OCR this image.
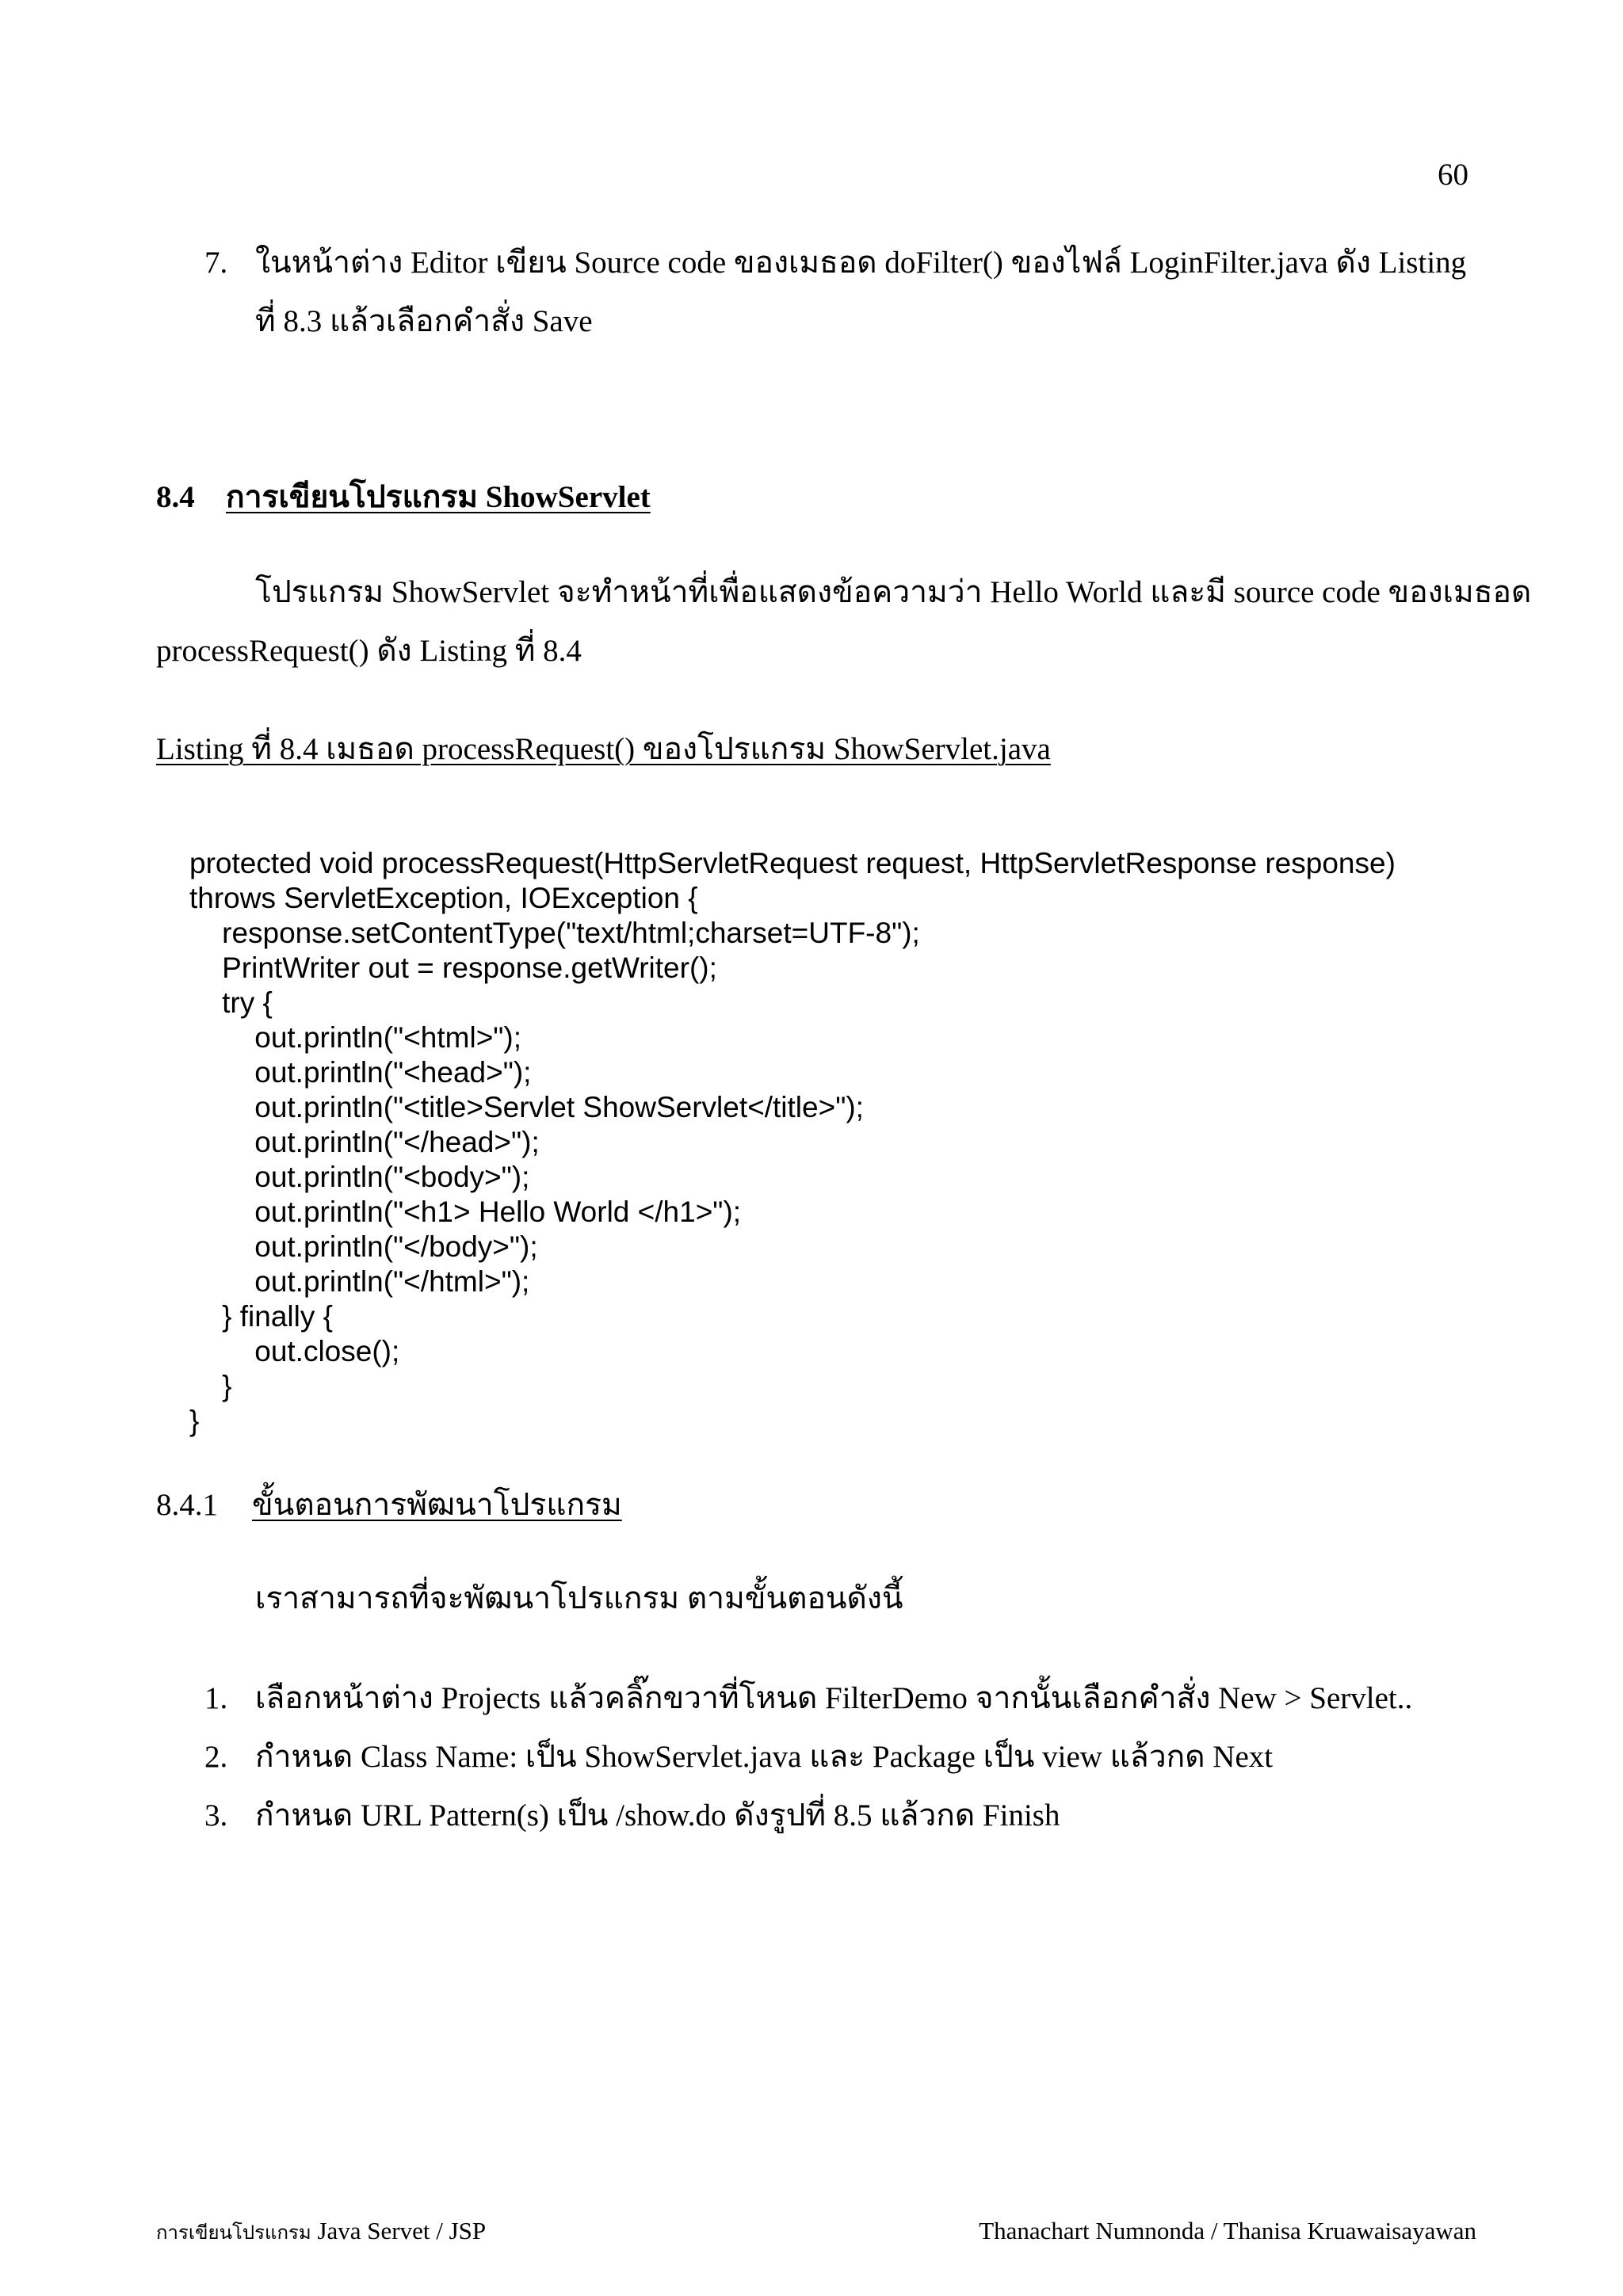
60
7. ในหน้าต่าง Editor เขียน Source code ของเมธอด doFilter() ของไฟล์ LoginFilter.java ดัง Listing
ที่ 8.3 แล้วเลือกคำสั่ง Save
8.4 การเขียนโปรแกรม ShowServlet
โปรแกรม ShowServlet จะทำหน้าที่เพื่อแสดงข้อความว่า Hello World และมี source code ของเมธอด
processRequest() ดัง Listing ที่ 8.4
Listing ที่ 8.4 เมธอด processRequest() ของโปรแกรม ShowServlet.java
protected void processRequest(HttpServletRequest request, HttpServletResponse response)
throws ServletException, IOException {
response.setContentType("text/html;charset=UTF-8");
PrintWriter out = response.getWriter();
try {
out.println("<html>");
out.println("<head>");
out.println("<title>Servlet ShowServlet</title>");
out.println("</head>");
out.println("<body>");
out.println("<h1> Hello World </h1>");
out.println("</body>");
out.println("</html>");
} finally {
out.close();
}
}
8.4.1 ขั้นตอนการพัฒนาโปรแกรม
เราสามารถที่จะพัฒนาโปรแกรม ตามขั้นตอนดังนี้
1. เลือกหน้าต่าง Projects แล้วคลิ๊กขวาที่โหนด FilterDemo จากนั้นเลือกคำสั่ง New > Servlet..
2. กำหนด Class Name: เป็น ShowServlet.java และ Package เป็น view แล้วกด Next
3. กำหนด URL Pattern(s) เป็น /show.do ดังรูปที่ 8.5 แล้วกด Finish
การเขียนโปรแกรม Java Servet / JSP	Thanachart Numnonda / Thanisa Kruawaisayawan
